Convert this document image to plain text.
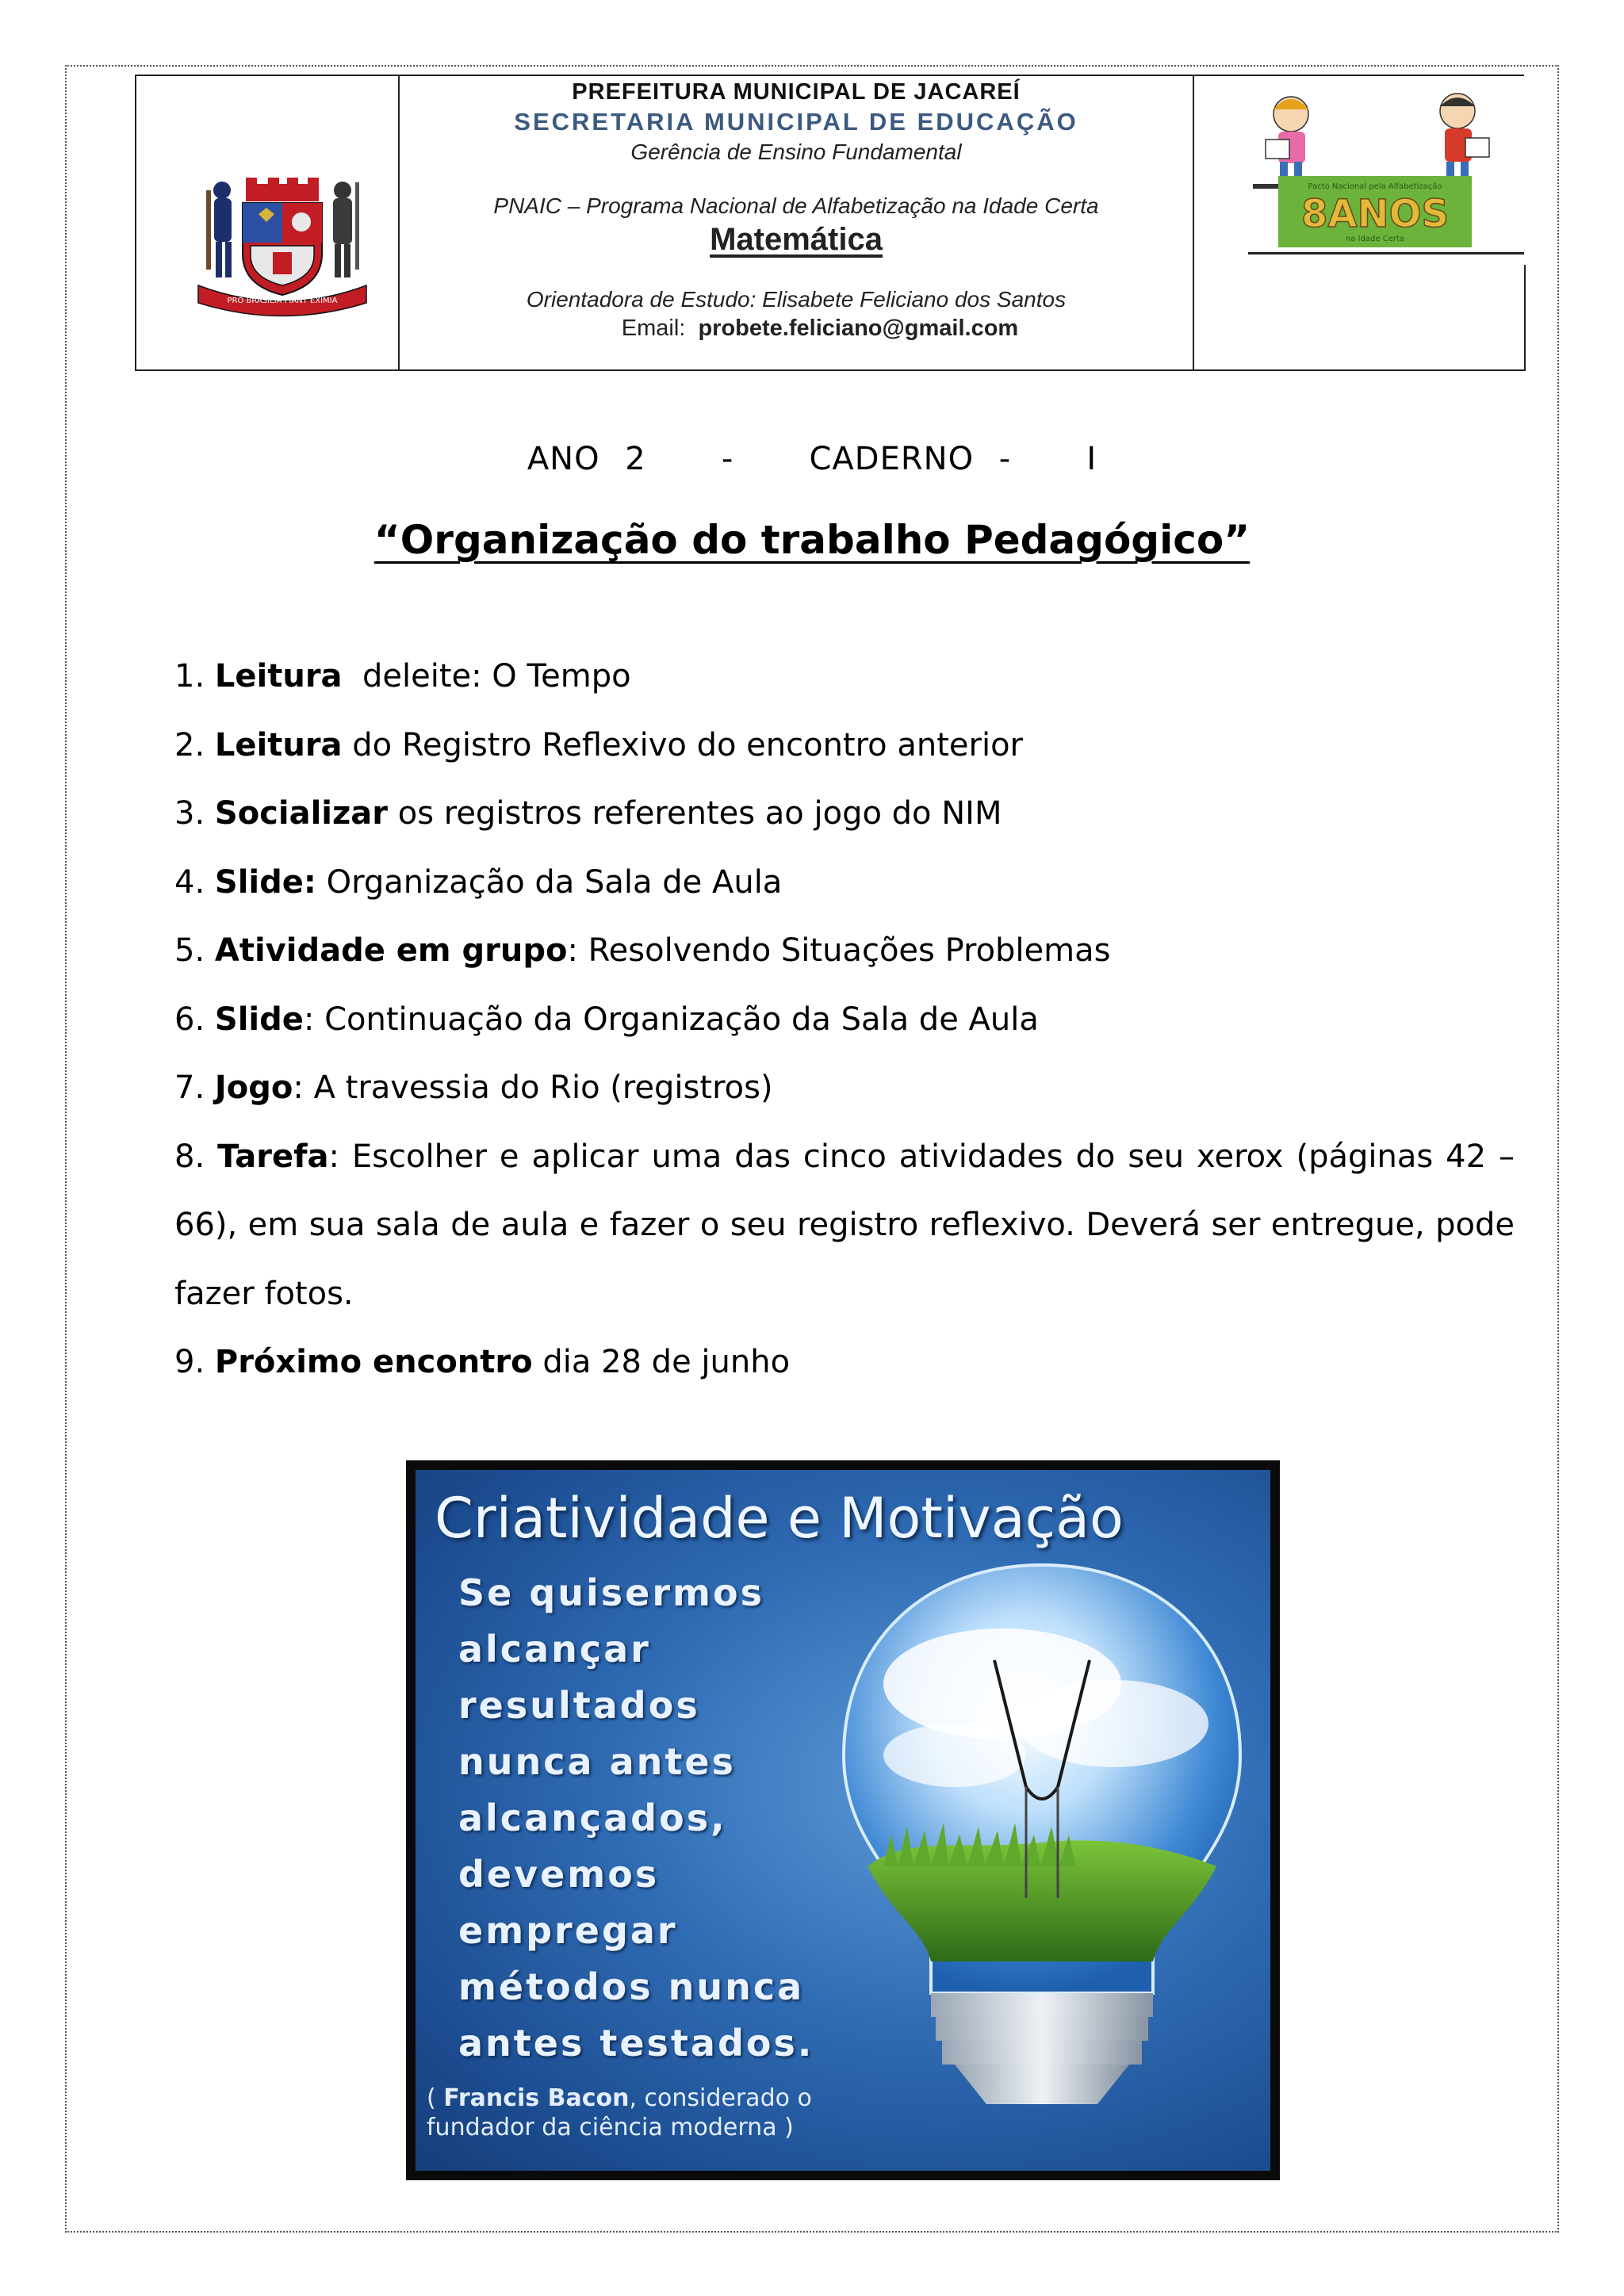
PRO BRASILIA FIANT EXIMIA
PREFEITURA MUNICIPAL DE JACAREÍ
SECRETARIA MUNICIPAL DE EDUCAÇÃO
Gerência de Ensino Fundamental
PNAIC – Programa Nacional de Alfabetização na Idade Certa
Matemática
Orientadora de Estudo: Elisabete Feliciano dos Santos
Email: probete.feliciano@gmail.com
Pacto Nacional pela Alfabetização
8ANOS
na Idade Certa
ANO 2 - CADERNO - I
“Organização do trabalho Pedagógico”
1. Leitura  deleite: O Tempo
2. Leitura do Registro Reflexivo do encontro anterior
3. Socializar os registros referentes ao jogo do NIM
4. Slide: Organização da Sala de Aula
5. Atividade em grupo: Resolvendo Situações Problemas
6. Slide: Continuação da Organização da Sala de Aula
7. Jogo: A travessia do Rio (registros)
8. Tarefa: Escolher e aplicar uma das cinco atividades do seu xerox (páginas 42 – 66), em sua sala de aula e fazer o seu registro reflexivo. Deverá ser entregue, pode fazer fotos.
9. Próximo encontro dia 28 de junho
Criatividade e Motivação
Se quisermos
alcançar
resultados
nunca antes
alcançados,
devemos
empregar
métodos nunca
antes testados.
( Francis Bacon, considerado o
fundador da ciência moderna )
